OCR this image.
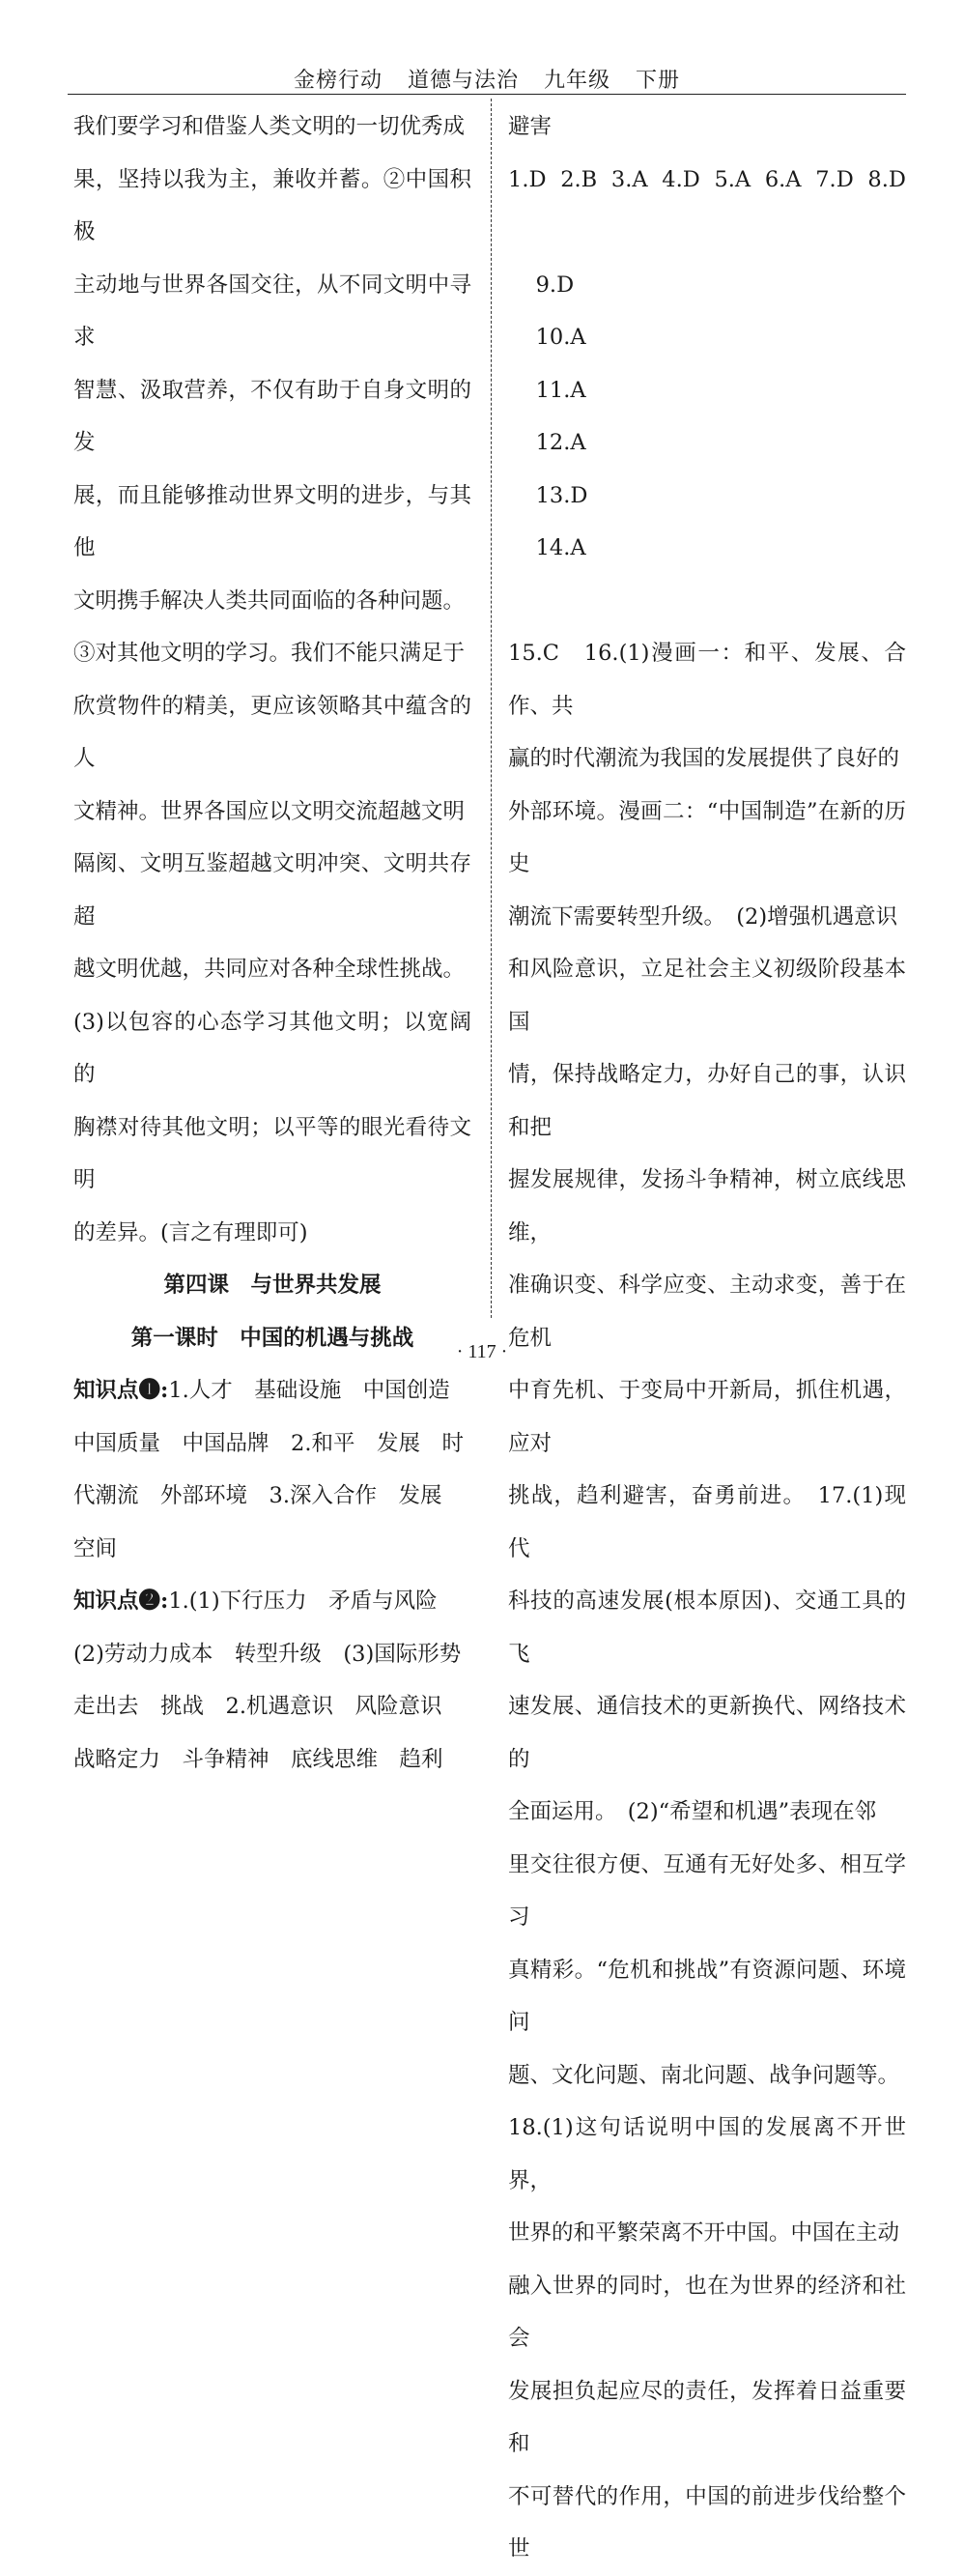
金榜行动 道德与法治 九年级 下册

我们要学习和借鉴人类文明的一切优秀成

果，坚持以我为主，兼收并蓄。②中国积极

主动地与世界各国交往，从不同文明中寻求

智慧、汲取营养，不仅有助于自身文明的发

展，而且能够推动世界文明的进步，与其他

文明携手解决人类共同面临的各种问题。

③对其他文明的学习。我们不能只满足于

欣赏物件的精美，更应该领略其中蕴含的人

文精神。世界各国应以文明交流超越文明

隔阂、文明互鉴超越文明冲突、文明共存超

越文明优越，共同应对各种全球性挑战。

(3)以包容的心态学习其他文明；以宽阔的

胸襟对待其他文明；以平等的眼光看待文明

的差异。(言之有理即可)

第四课　与世界共发展

第一课时　中国的机遇与挑战

知识点❶:1.人才　基础设施　中国创造

中国质量　中国品牌　2.和平　发展　时

代潮流　外部环境　3.深入合作　发展

空间

知识点❷:1.(1)下行压力　矛盾与风险

(2)劳动力成本　转型升级　(3)国际形势

走出去　挑战　2.机遇意识　风险意识

战略定力　斗争精神　底线思维　趋利

避害

1.D 2.B 3.A 4.D 5.A 6.A 7.D 8.D

9.D
10.A
11.A
12.A
13.D
14.A

15.C　16.(1)漫画一：和平、发展、合作、共

赢的时代潮流为我国的发展提供了良好的

外部环境。漫画二：“中国制造”在新的历史

潮流下需要转型升级。　(2)增强机遇意识

和风险意识，立足社会主义初级阶段基本国

情，保持战略定力，办好自己的事，认识和把

握发展规律，发扬斗争精神，树立底线思维，

准确识变、科学应变、主动求变，善于在危机

中育先机、于变局中开新局，抓住机遇，应对

挑战，趋利避害，奋勇前进。　17.(1)现代

科技的高速发展(根本原因)、交通工具的飞

速发展、通信技术的更新换代、网络技术的

全面运用。　(2)“希望和机遇”表现在邻

里交往很方便、互通有无好处多、相互学习

真精彩。“危机和挑战”有资源问题、环境问

题、文化问题、南北问题、战争问题等。

18.(1)这句话说明中国的发展离不开世界，

世界的和平繁荣离不开中国。中国在主动

融入世界的同时，也在为世界的经济和社会

发展担负起应尽的责任，发挥着日益重要和

不可替代的作用，中国的前进步伐给整个世

· 117 ·
